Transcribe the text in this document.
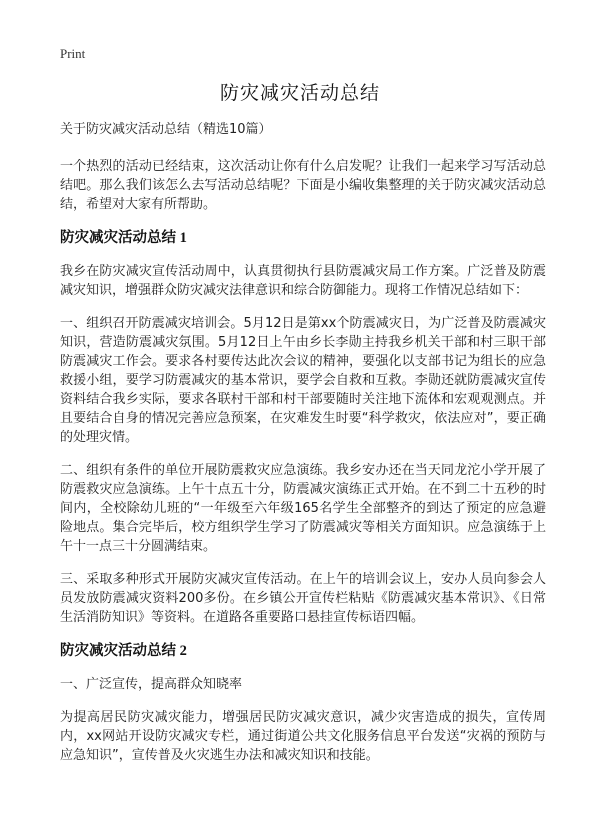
Print
防灾减灾活动总结

关于防灾减灾活动总结（精选10篇）

一个热烈的活动已经结束，这次活动让你有什么启发呢？让我们一起来学习写活动总结吧。那么我们该怎么去写活动总结呢？下面是小编收集整理的关于防灾减灾活动总结，希望对大家有所帮助。

防灾减灾活动总结 1

我乡在防灾减灾宣传活动周中，认真贯彻执行县防震减灾局工作方案。广泛普及防震减灾知识，增强群众防灾减灾法律意识和综合防御能力。现将工作情况总结如下：

一、组织召开防震减灾培训会。5月12日是第xx个防震减灾日，为广泛普及防震减灾知识，营造防震减灾氛围。5月12日上午由乡长李勋主持我乡机关干部和村三职干部防震减灾工作会。要求各村要传达此次会议的精神，要强化以支部书记为组长的应急救援小组，要学习防震减灾的基本常识，要学会自救和互救。李勋还就防震减灾宣传资料结合我乡实际，要求各联村干部和村干部要随时关注地下流体和宏观观测点。并且要结合自身的情况完善应急预案，在灾难发生时要“科学救灾，依法应对”，要正确的处理灾情。

二、组织有条件的单位开展防震救灾应急演练。我乡安办还在当天同龙沱小学开展了防震救灾应急演练。上午十点五十分，防震减灾演练正式开始。在不到二十五秒的时间内，全校除幼儿班的“一年级至六年级165名学生全部整齐的到达了预定的应急避险地点。集合完毕后，校方组织学生学习了防震减灾等相关方面知识。应急演练于上午十一点三十分圆满结束。

三、采取多种形式开展防灾减灾宣传活动。在上午的培训会议上，安办人员向参会人员发放防震减灾资料200多份。在乡镇公开宣传栏粘贴《防震减灾基本常识》、《日常生活消防知识》等资料。在道路各重要路口悬挂宣传标语四幅。

防灾减灾活动总结 2

一、广泛宣传，提高群众知晓率

为提高居民防灾减灾能力，增强居民防灾减灾意识，减少灾害造成的损失，宣传周内，xx网站开设防灾减灾专栏，通过街道公共文化服务信息平台发送“灾祸的预防与应急知识”，宣传普及火灾逃生办法和减灾知识和技能。
